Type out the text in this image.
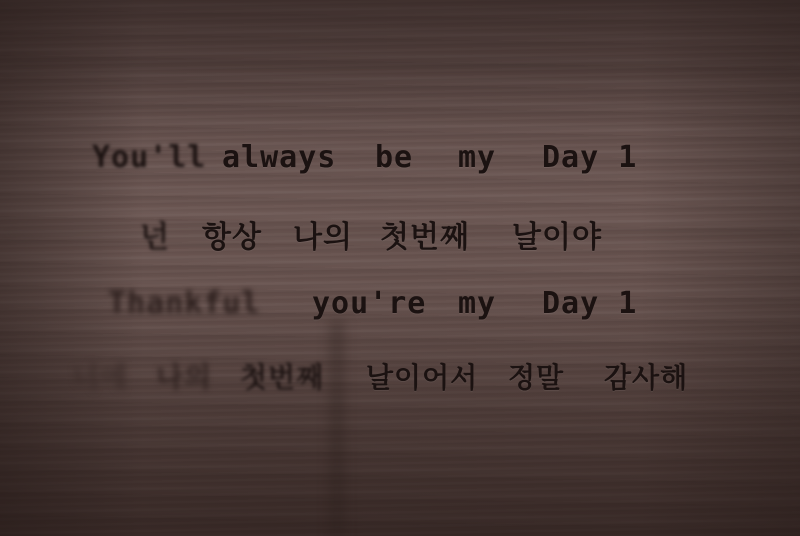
You'll always be my Day 1
넌 항상 나의 첫번째 날이야
Thankful you're my Day 1
너에 나의 첫번째 날이어서 정말 감사해
